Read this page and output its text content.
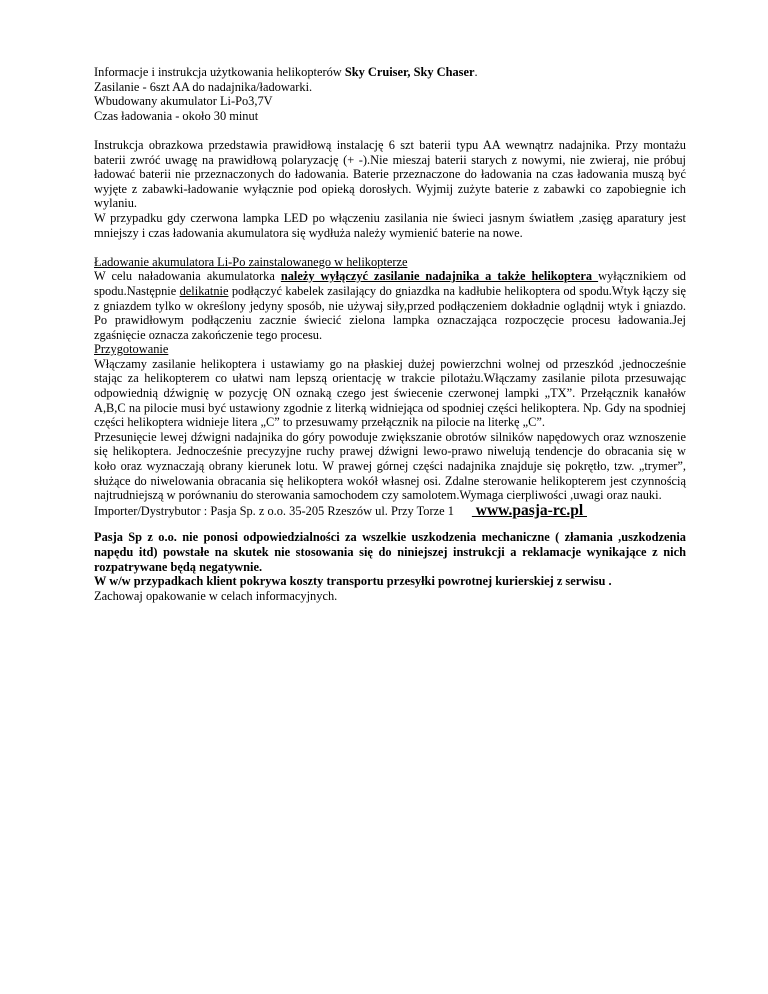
Informacje i instrukcja użytkowania helikopterów Sky Cruiser, Sky Chaser.
Zasilanie - 6szt AA do nadajnika/ładowarki.
Wbudowany akumulator Li-Po3,7V
Czas ładowania - około 30 minut

Instrukcja obrazkowa przedstawia prawidłową instalację 6 szt baterii typu AA wewnątrz nadajnika. Przy montażu baterii zwróć uwagę na prawidłową polaryzację (+ -).Nie mieszaj baterii starych z nowymi, nie zwieraj, nie próbuj ładować baterii nie przeznaczonych do ładowania. Baterie przeznaczone do ładowania na czas ładowania muszą być wyjęte z zabawki-ładowanie wyłącznie pod opieką dorosłych. Wyjmij zużyte baterie z zabawki co zapobiegnie ich wylaniu.

W przypadku gdy czerwona lampka LED po włączeniu zasilania nie świeci jasnym światłem ,zasięg aparatury jest mniejszy i czas ładowania akumulatora się wydłuża należy wymienić baterie na nowe.

Ładowanie akumulatora Li-Po zainstalowanego w helikopterze

W celu naładowania akumulatorka należy wyłączyć zasilanie nadajnika a także helikoptera wyłącznikiem od spodu.Następnie delikatnie podłączyć kabelek zasilający do gniazdka na kadłubie helikoptera od spodu.Wtyk łączy się z gniazdem tylko w określony jedyny sposób, nie używaj siły,przed podłączeniem dokładnie oglądnij wtyk i gniazdo. Po prawidłowym podłączeniu zacznie świecić zielona lampka oznaczająca rozpoczęcie procesu ładowania.Jej zgaśnięcie oznacza zakończenie tego procesu.

Przygotowanie

Włączamy zasilanie helikoptera i ustawiamy go na płaskiej dużej powierzchni wolnej od przeszkód ,jednocześnie stając za helikopterem co ułatwi nam lepszą orientację w trakcie pilotażu.Włączamy zasilanie pilota przesuwając odpowiednią dźwignię w pozycję ON oznaką czego jest świecenie czerwonej lampki „TX”. Przełącznik kanałów A,B,C na pilocie musi być ustawiony zgodnie z literką widniejąca od spodniej części helikoptera. Np. Gdy na spodniej części helikoptera widnieje litera „C” to przesuwamy przełącznik na pilocie na literkę „C”.

Przesunięcie lewej dźwigni nadajnika do góry powoduje zwiększanie obrotów silników napędowych oraz wznoszenie się helikoptera. Jednocześnie precyzyjne ruchy prawej dźwigni lewo-prawo niwelują tendencje do obracania się w koło oraz wyznaczają obrany kierunek lotu. W prawej górnej części nadajnika znajduje się pokrętło, tzw. „trymer”, służące do niwelowania obracania się helikoptera wokół własnej osi. Zdalne sterowanie helikopterem jest czynnością najtrudniejszą w porównaniu do sterowania samochodem czy samolotem.Wymaga cierpliwości ,uwagi oraz nauki.

Importer/Dystrybutor : Pasja Sp. z o.o. 35-205 Rzeszów ul. Przy Torze 1 www.pasja-rc.pl

Pasja Sp z o.o. nie ponosi odpowiedzialności za wszelkie uszkodzenia mechaniczne ( złamania ,uszkodzenia napędu itd) powstałe na skutek nie stosowania się do niniejszej instrukcji a reklamacje wynikające z nich rozpatrywane będą negatywnie.

W w/w przypadkach klient pokrywa koszty transportu przesyłki powrotnej kurierskiej z serwisu .

Zachowaj opakowanie w celach informacyjnych.
